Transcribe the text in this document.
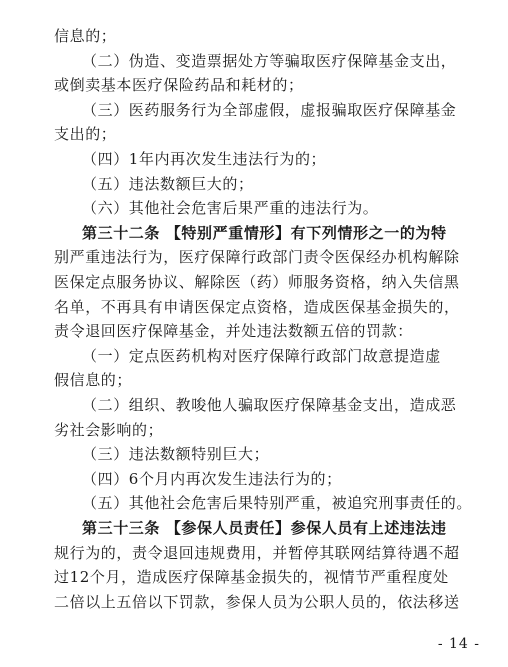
信息的；
（二）伪造、变造票据处方等骗取医疗保障基金支出，
或倒卖基本医疗保险药品和耗材的；
（三）医药服务行为全部虚假，虚报骗取医疗保障基金
支出的；
（四）1年内再次发生违法行为的；
（五）违法数额巨大的；
（六）其他社会危害后果严重的违法行为。
第三十二条 【特别严重情形】有下列情形之一的为特
别严重违法行为，医疗保障行政部门责令医保经办机构解除
医保定点服务协议、解除医（药）师服务资格，纳入失信黑
名单，不再具有申请医保定点资格，造成医保基金损失的，
责令退回医疗保障基金，并处违法数额五倍的罚款：
（一）定点医药机构对医疗保障行政部门故意提造虚
假信息的；
（二）组织、教唆他人骗取医疗保障基金支出，造成恶
劣社会影响的；
（三）违法数额特别巨大；
（四）6个月内再次发生违法行为的；
（五）其他社会危害后果特别严重，被追究刑事责任的。
第三十三条 【参保人员责任】参保人员有上述违法违
规行为的，责令退回违规费用，并暂停其联网结算待遇不超
过12个月，造成医疗保障基金损失的，视情节严重程度处
二倍以上五倍以下罚款，参保人员为公职人员的，依法移送
- 14 -
